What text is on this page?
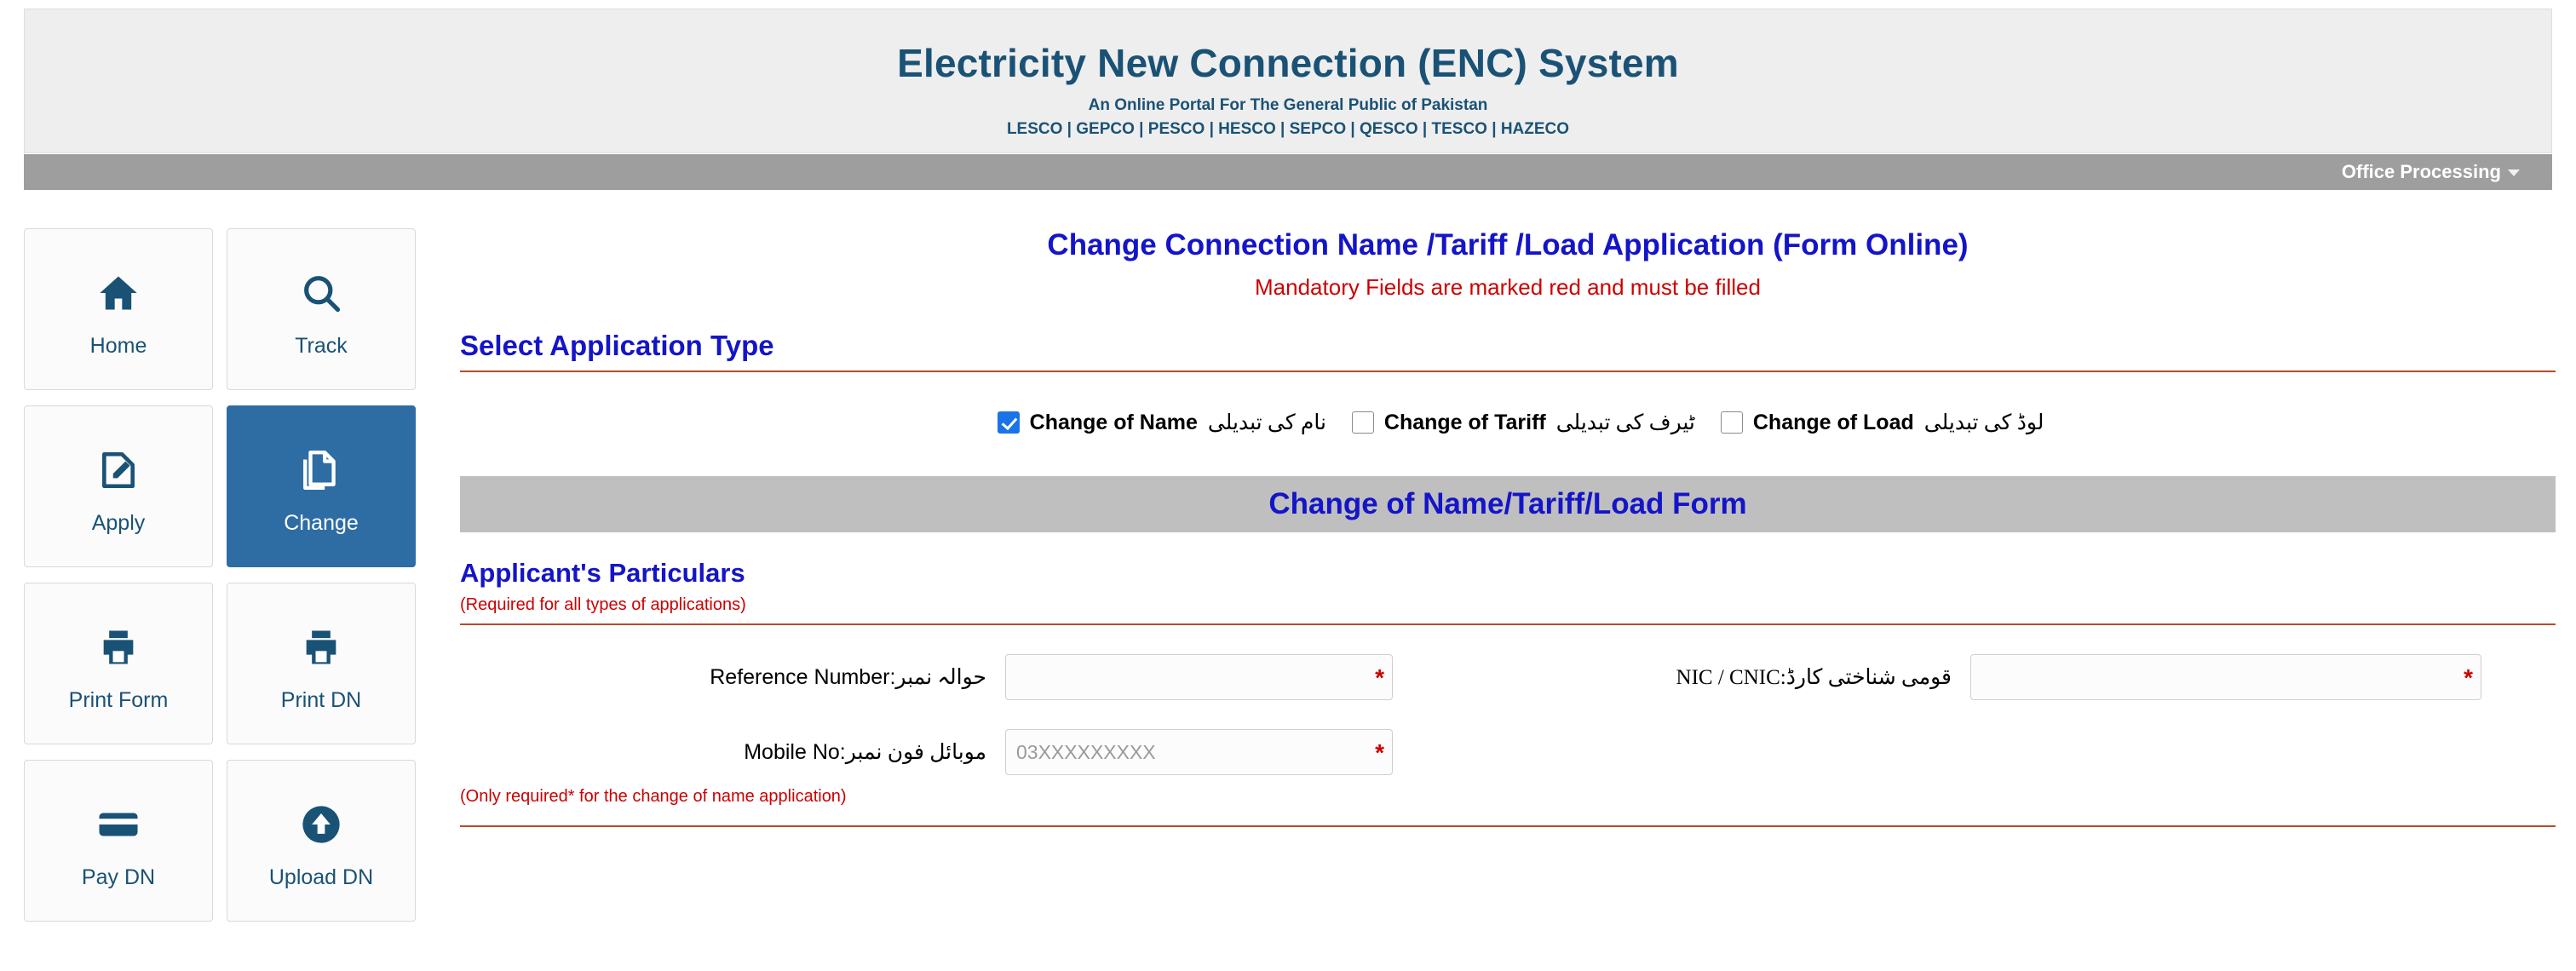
Electricity New Connection (ENC) System
An Online Portal For The General Public of Pakistan
LESCO | GEPCO | PESCO | HESCO | SEPCO | QESCO | TESCO | HAZECO
Office Processing
Home	Track
Apply	Change
Print Form	Print DN
Pay DN	Upload DN
Change Connection Name /Tariff /Load Application (Form Online)
Mandatory Fields are marked red and must be filled
Select Application Type
Change of Load لوڈ کی تبدیلی
Change of Tariff ٹیرف کی تبدیلی
Change of Name نام کی تبدیلی
Change of Name/Tariff/Load Form
Applicant's Particulars
(Required for all types of applications)
Reference Number:حوالہ نمبر	*	NIC / CNIC:قومی شناختی کارڈ	*
Mobile No:موبائل فون نمبر
03XXXXXXXXX	*
(Only required* for the change of name application)
